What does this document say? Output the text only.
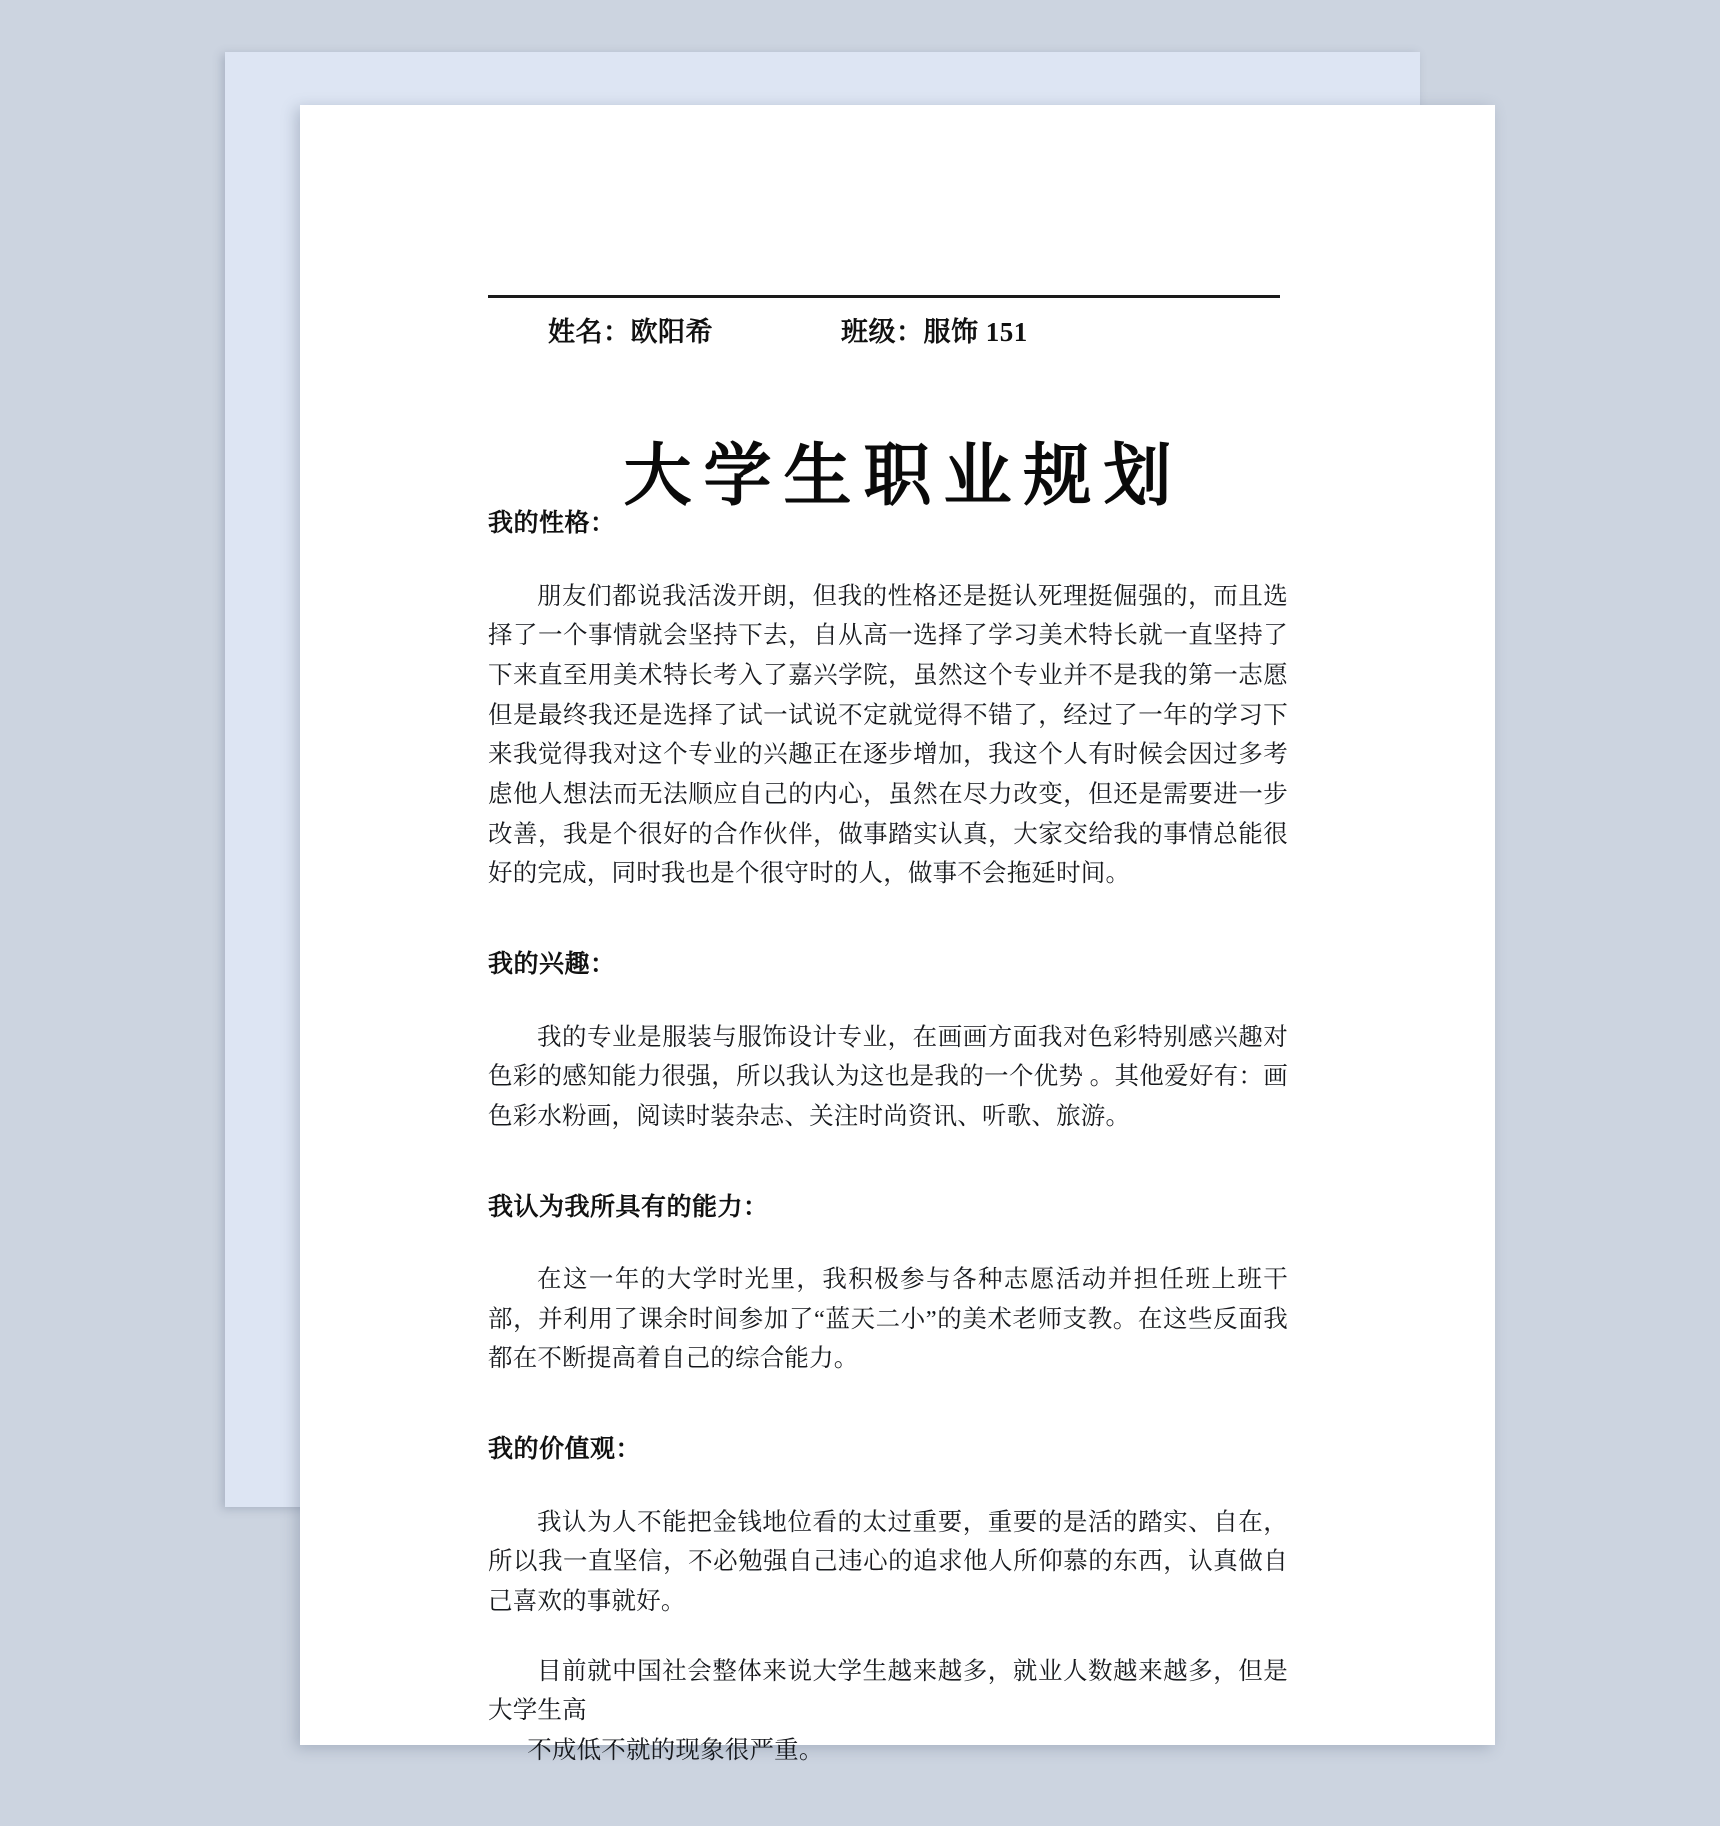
姓名：欧阳希	班级：服饰 151
大学生职业规划
我的性格：

朋友们都说我活泼开朗，但我的性格还是挺认死理挺倔强的，而且选择了一个事情就会坚持下去，自从高一选择了学习美术特长就一直坚持了下来直至用美术特长考入了嘉兴学院，虽然这个专业并不是我的第一志愿但是最终我还是选择了试一试说不定就觉得不错了，经过了一年的学习下来我觉得我对这个专业的兴趣正在逐步增加，我这个人有时候会因过多考虑他人想法而无法顺应自己的内心，虽然在尽力改变，但还是需要进一步改善，我是个很好的合作伙伴，做事踏实认真，大家交给我的事情总能很好的完成，同时我也是个很守时的人，做事不会拖延时间。

我的兴趣：

我的专业是服装与服饰设计专业，在画画方面我对色彩特别感兴趣对色彩的感知能力很强，所以我认为这也是我的一个优势 。其他爱好有：画色彩水粉画，阅读时装杂志、关注时尚资讯、听歌、旅游。

我认为我所具有的能力：

在这一年的大学时光里，我积极参与各种志愿活动并担任班上班干部，并利用了课余时间参加了“蓝天二小”的美术老师支教。在这些反面我都在不断提高着自己的综合能力。

我的价值观：

我认为人不能把金钱地位看的太过重要，重要的是活的踏实、自在，所以我一直坚信，不必勉强自己违心的追求他人所仰慕的东西，认真做自己喜欢的事就好。

目前就中国社会整体来说大学生越来越多，就业人数越来越多，但是大学生高
不成低不就的现象很严重。
